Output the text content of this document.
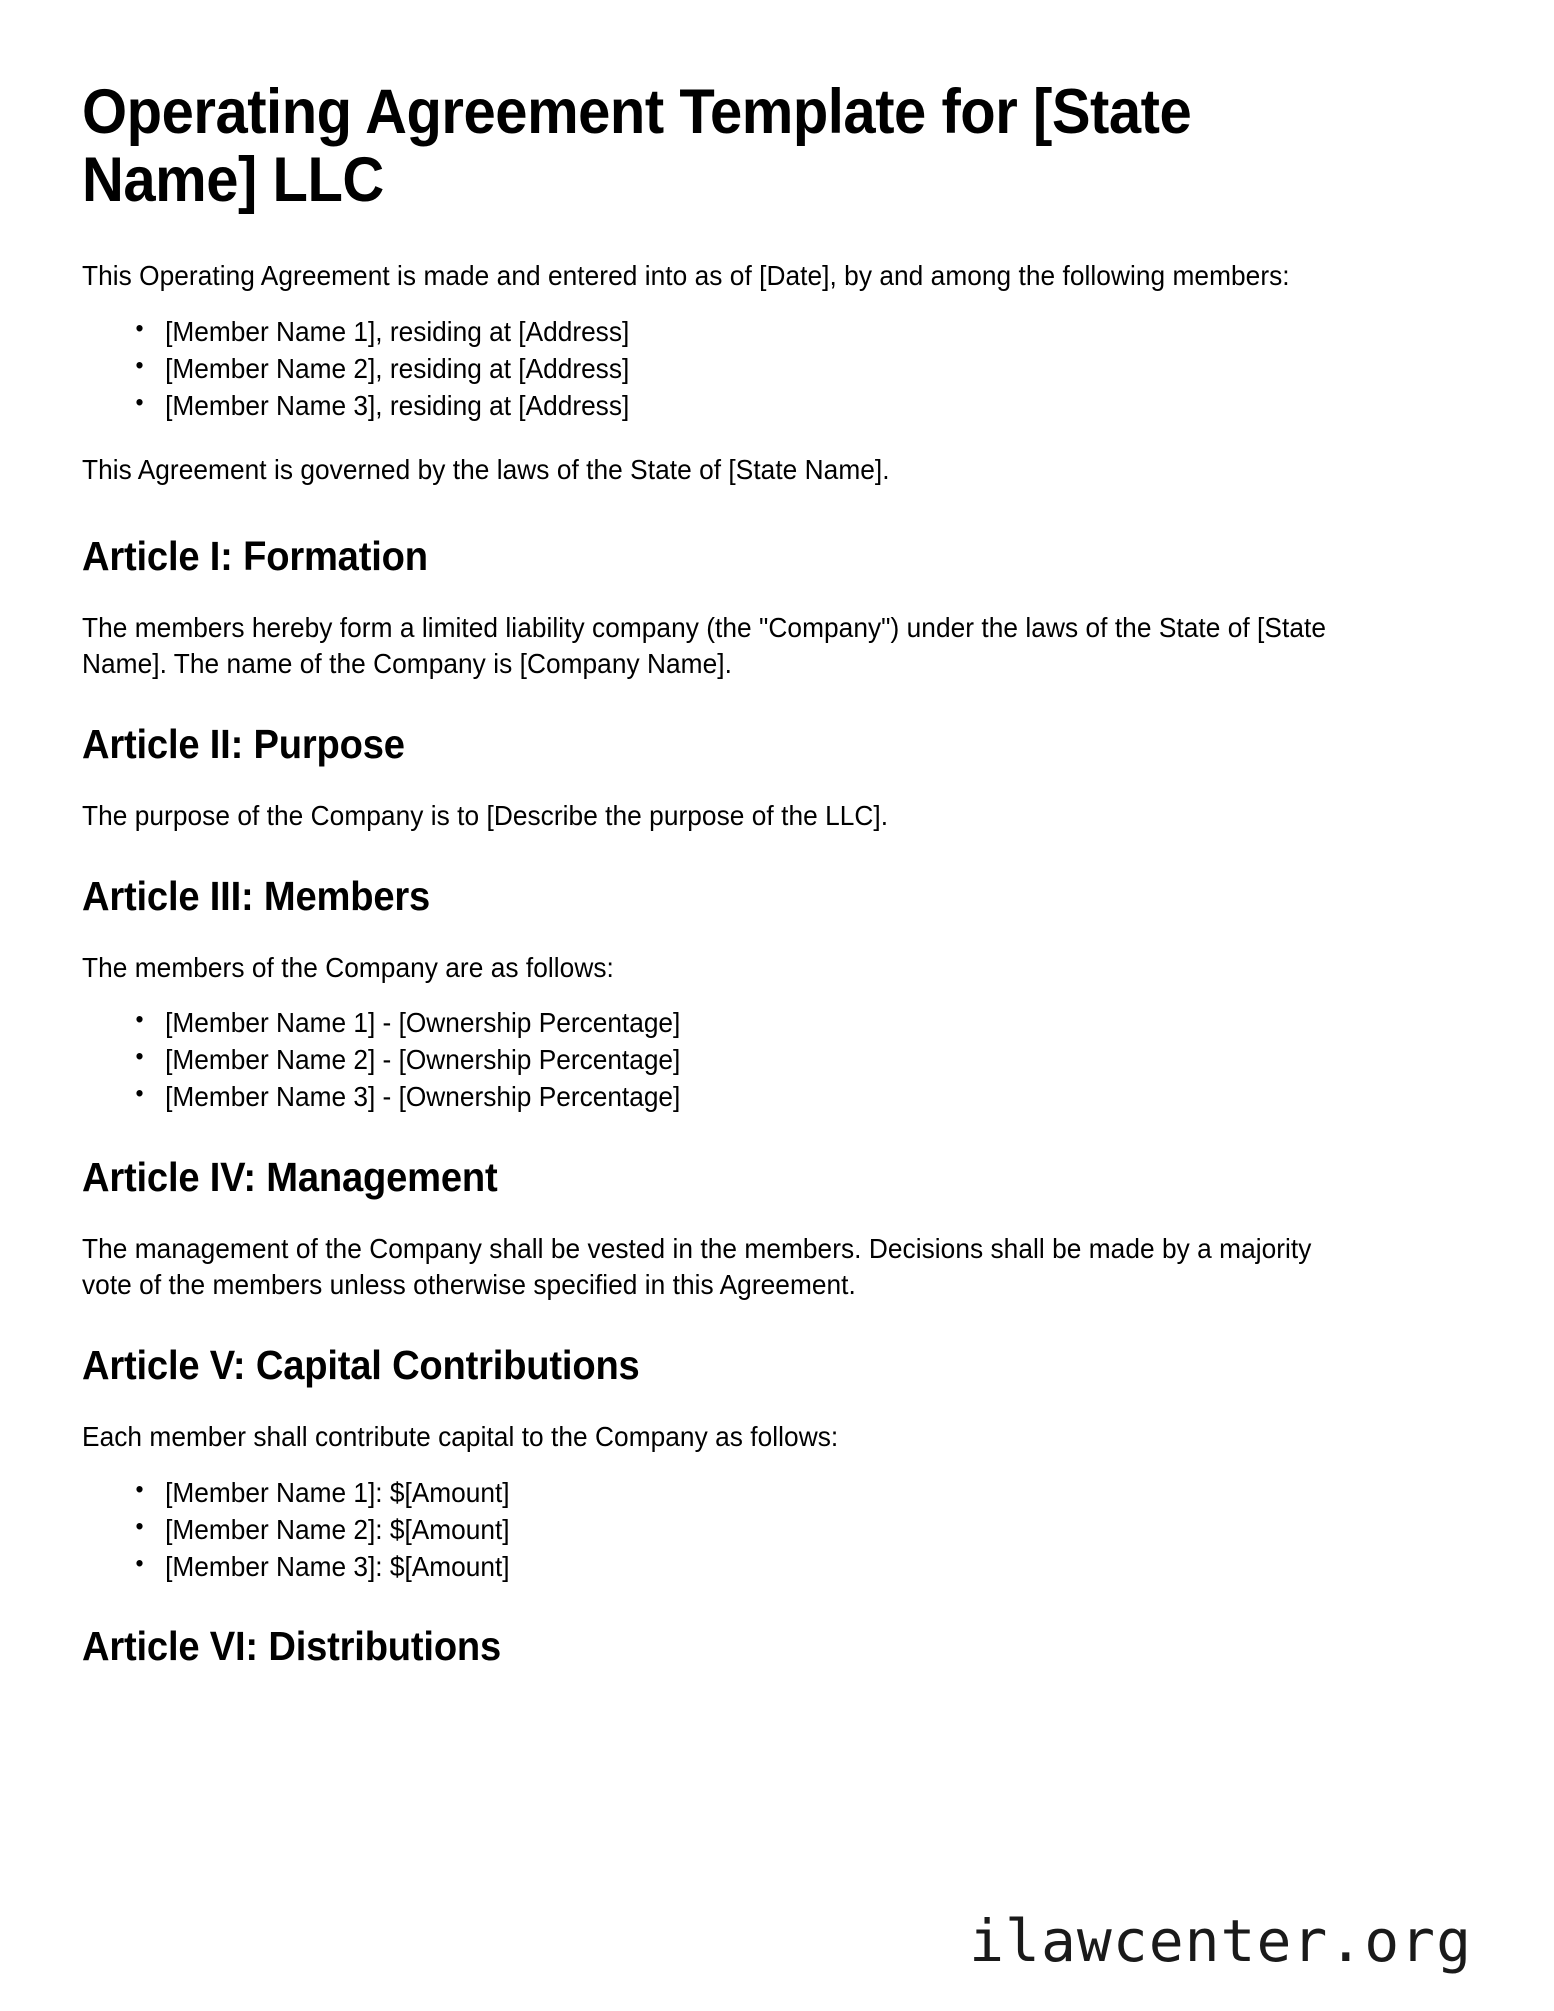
Operating Agreement Template for [State Name] LLC

This Operating Agreement is made and entered into as of [Date], by and among the following members:

• [Member Name 1], residing at [Address]
• [Member Name 2], residing at [Address]
• [Member Name 3], residing at [Address]

This Agreement is governed by the laws of the State of [State Name].

Article I: Formation

The members hereby form a limited liability company (the "Company") under the laws of the State of [State Name]. The name of the Company is [Company Name].

Article II: Purpose

The purpose of the Company is to [Describe the purpose of the LLC].

Article III: Members

The members of the Company are as follows:

• [Member Name 1] - [Ownership Percentage]
• [Member Name 2] - [Ownership Percentage]
• [Member Name 3] - [Ownership Percentage]
Article IV: Management

The management of the Company shall be vested in the members. Decisions shall be made by a majority vote of the members unless otherwise specified in this Agreement.

Article V: Capital Contributions

Each member shall contribute capital to the Company as follows:

• [Member Name 1]: $[Amount]
• [Member Name 2]: $[Amount]
• [Member Name 3]: $[Amount]
Article VI: Distributions
ilawcenter.org
